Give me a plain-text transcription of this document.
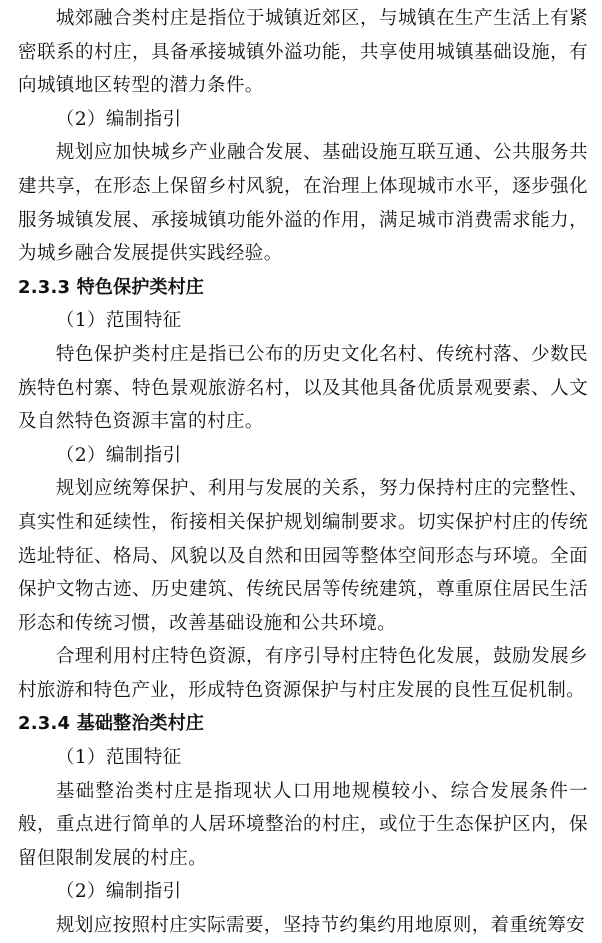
城郊融合类村庄是指位于城镇近郊区，与城镇在生产生活上有紧密联系的村庄，具备承接城镇外溢功能，共享使用城镇基础设施，有向城镇地区转型的潜力条件。

（2）编制指引

规划应加快城乡产业融合发展、基础设施互联互通、公共服务共建共享，在形态上保留乡村风貌，在治理上体现城市水平，逐步强化服务城镇发展、承接城镇功能外溢的作用，满足城市消费需求能力，为城乡融合发展提供实践经验。

2.3.3 特色保护类村庄

（1）范围特征

特色保护类村庄是指已公布的历史文化名村、传统村落、少数民族特色村寨、特色景观旅游名村，以及其他具备优质景观要素、人文及自然特色资源丰富的村庄。

（2）编制指引

规划应统筹保护、利用与发展的关系，努力保持村庄的完整性、真实性和延续性，衔接相关保护规划编制要求。切实保护村庄的传统选址特征、格局、风貌以及自然和田园等整体空间形态与环境。全面保护文物古迹、历史建筑、传统民居等传统建筑，尊重原住居民生活形态和传统习惯，改善基础设施和公共环境。

合理利用村庄特色资源，有序引导村庄特色化发展，鼓励发展乡村旅游和特色产业，形成特色资源保护与村庄发展的良性互促机制。

2.3.4 基础整治类村庄

（1）范围特征

基础整治类村庄是指现状人口用地规模较小、综合发展条件一般，重点进行简单的人居环境整治的村庄，或位于生态保护区内，保留但限制发展的村庄。

（2）编制指引

规划应按照村庄实际需要，坚持节约集约用地原则，着重统筹安
